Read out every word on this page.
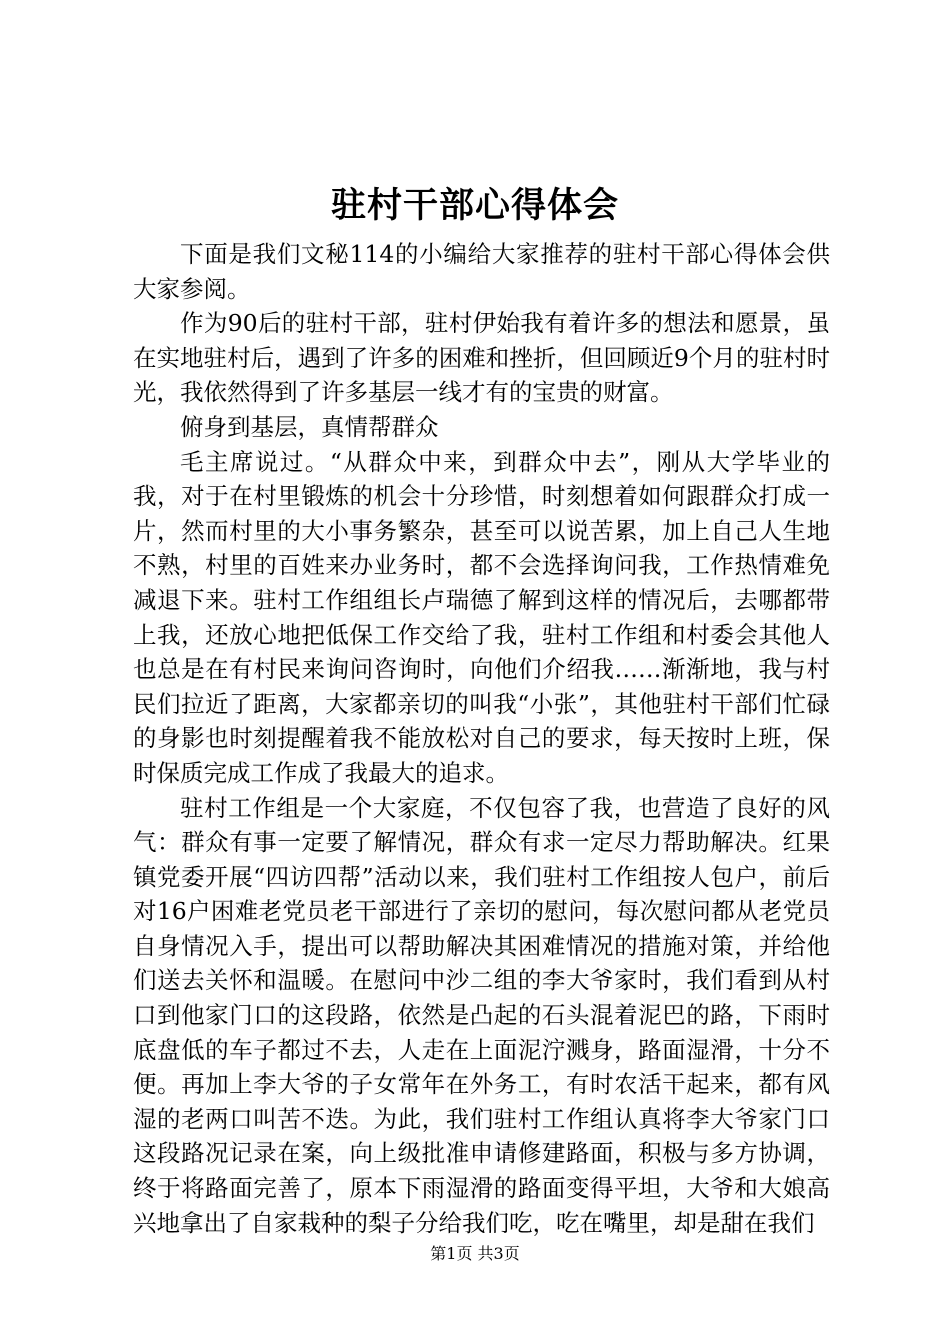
驻村干部心得体会

下面是我们文秘114的小编给大家推荐的驻村干部心得体会供大家参阅。

作为90后的驻村干部，驻村伊始我有着许多的想法和愿景，虽在实地驻村后，遇到了许多的困难和挫折，但回顾近9个月的驻村时光，我依然得到了许多基层一线才有的宝贵的财富。

俯身到基层，真情帮群众

毛主席说过。“从群众中来，到群众中去”，刚从大学毕业的我，对于在村里锻炼的机会十分珍惜，时刻想着如何跟群众打成一片，然而村里的大小事务繁杂，甚至可以说苦累，加上自己人生地不熟，村里的百姓来办业务时，都不会选择询问我，工作热情难免减退下来。驻村工作组组长卢瑞德了解到这样的情况后，去哪都带上我，还放心地把低保工作交给了我，驻村工作组和村委会其他人也总是在有村民来询问咨询时，向他们介绍我……渐渐地，我与村民们拉近了距离，大家都亲切的叫我“小张”，其他驻村干部们忙碌的身影也时刻提醒着我不能放松对自己的要求，每天按时上班，保时保质完成工作成了我最大的追求。

驻村工作组是一个大家庭，不仅包容了我，也营造了良好的风气：群众有事一定要了解情况，群众有求一定尽力帮助解决。红果镇党委开展“四访四帮”活动以来，我们驻村工作组按人包户，前后对16户困难老党员老干部进行了亲切的慰问，每次慰问都从老党员自身情况入手，提出可以帮助解决其困难情况的措施对策，并给他们送去关怀和温暖。在慰问中沙二组的李大爷家时，我们看到从村口到他家门口的这段路，依然是凸起的石头混着泥巴的路，下雨时底盘低的车子都过不去，人走在上面泥泞溅身，路面湿滑，十分不便。再加上李大爷的子女常年在外务工，有时农活干起来，都有风湿的老两口叫苦不迭。为此，我们驻村工作组认真将李大爷家门口这段路况记录在案，向上级批准申请修建路面，积极与多方协调，终于将路面完善了，原本下雨湿滑的路面变得平坦，大爷和大娘高兴地拿出了自家栽种的梨子分给我们吃，吃在嘴里，却是甜在我们

第1页 共3页
